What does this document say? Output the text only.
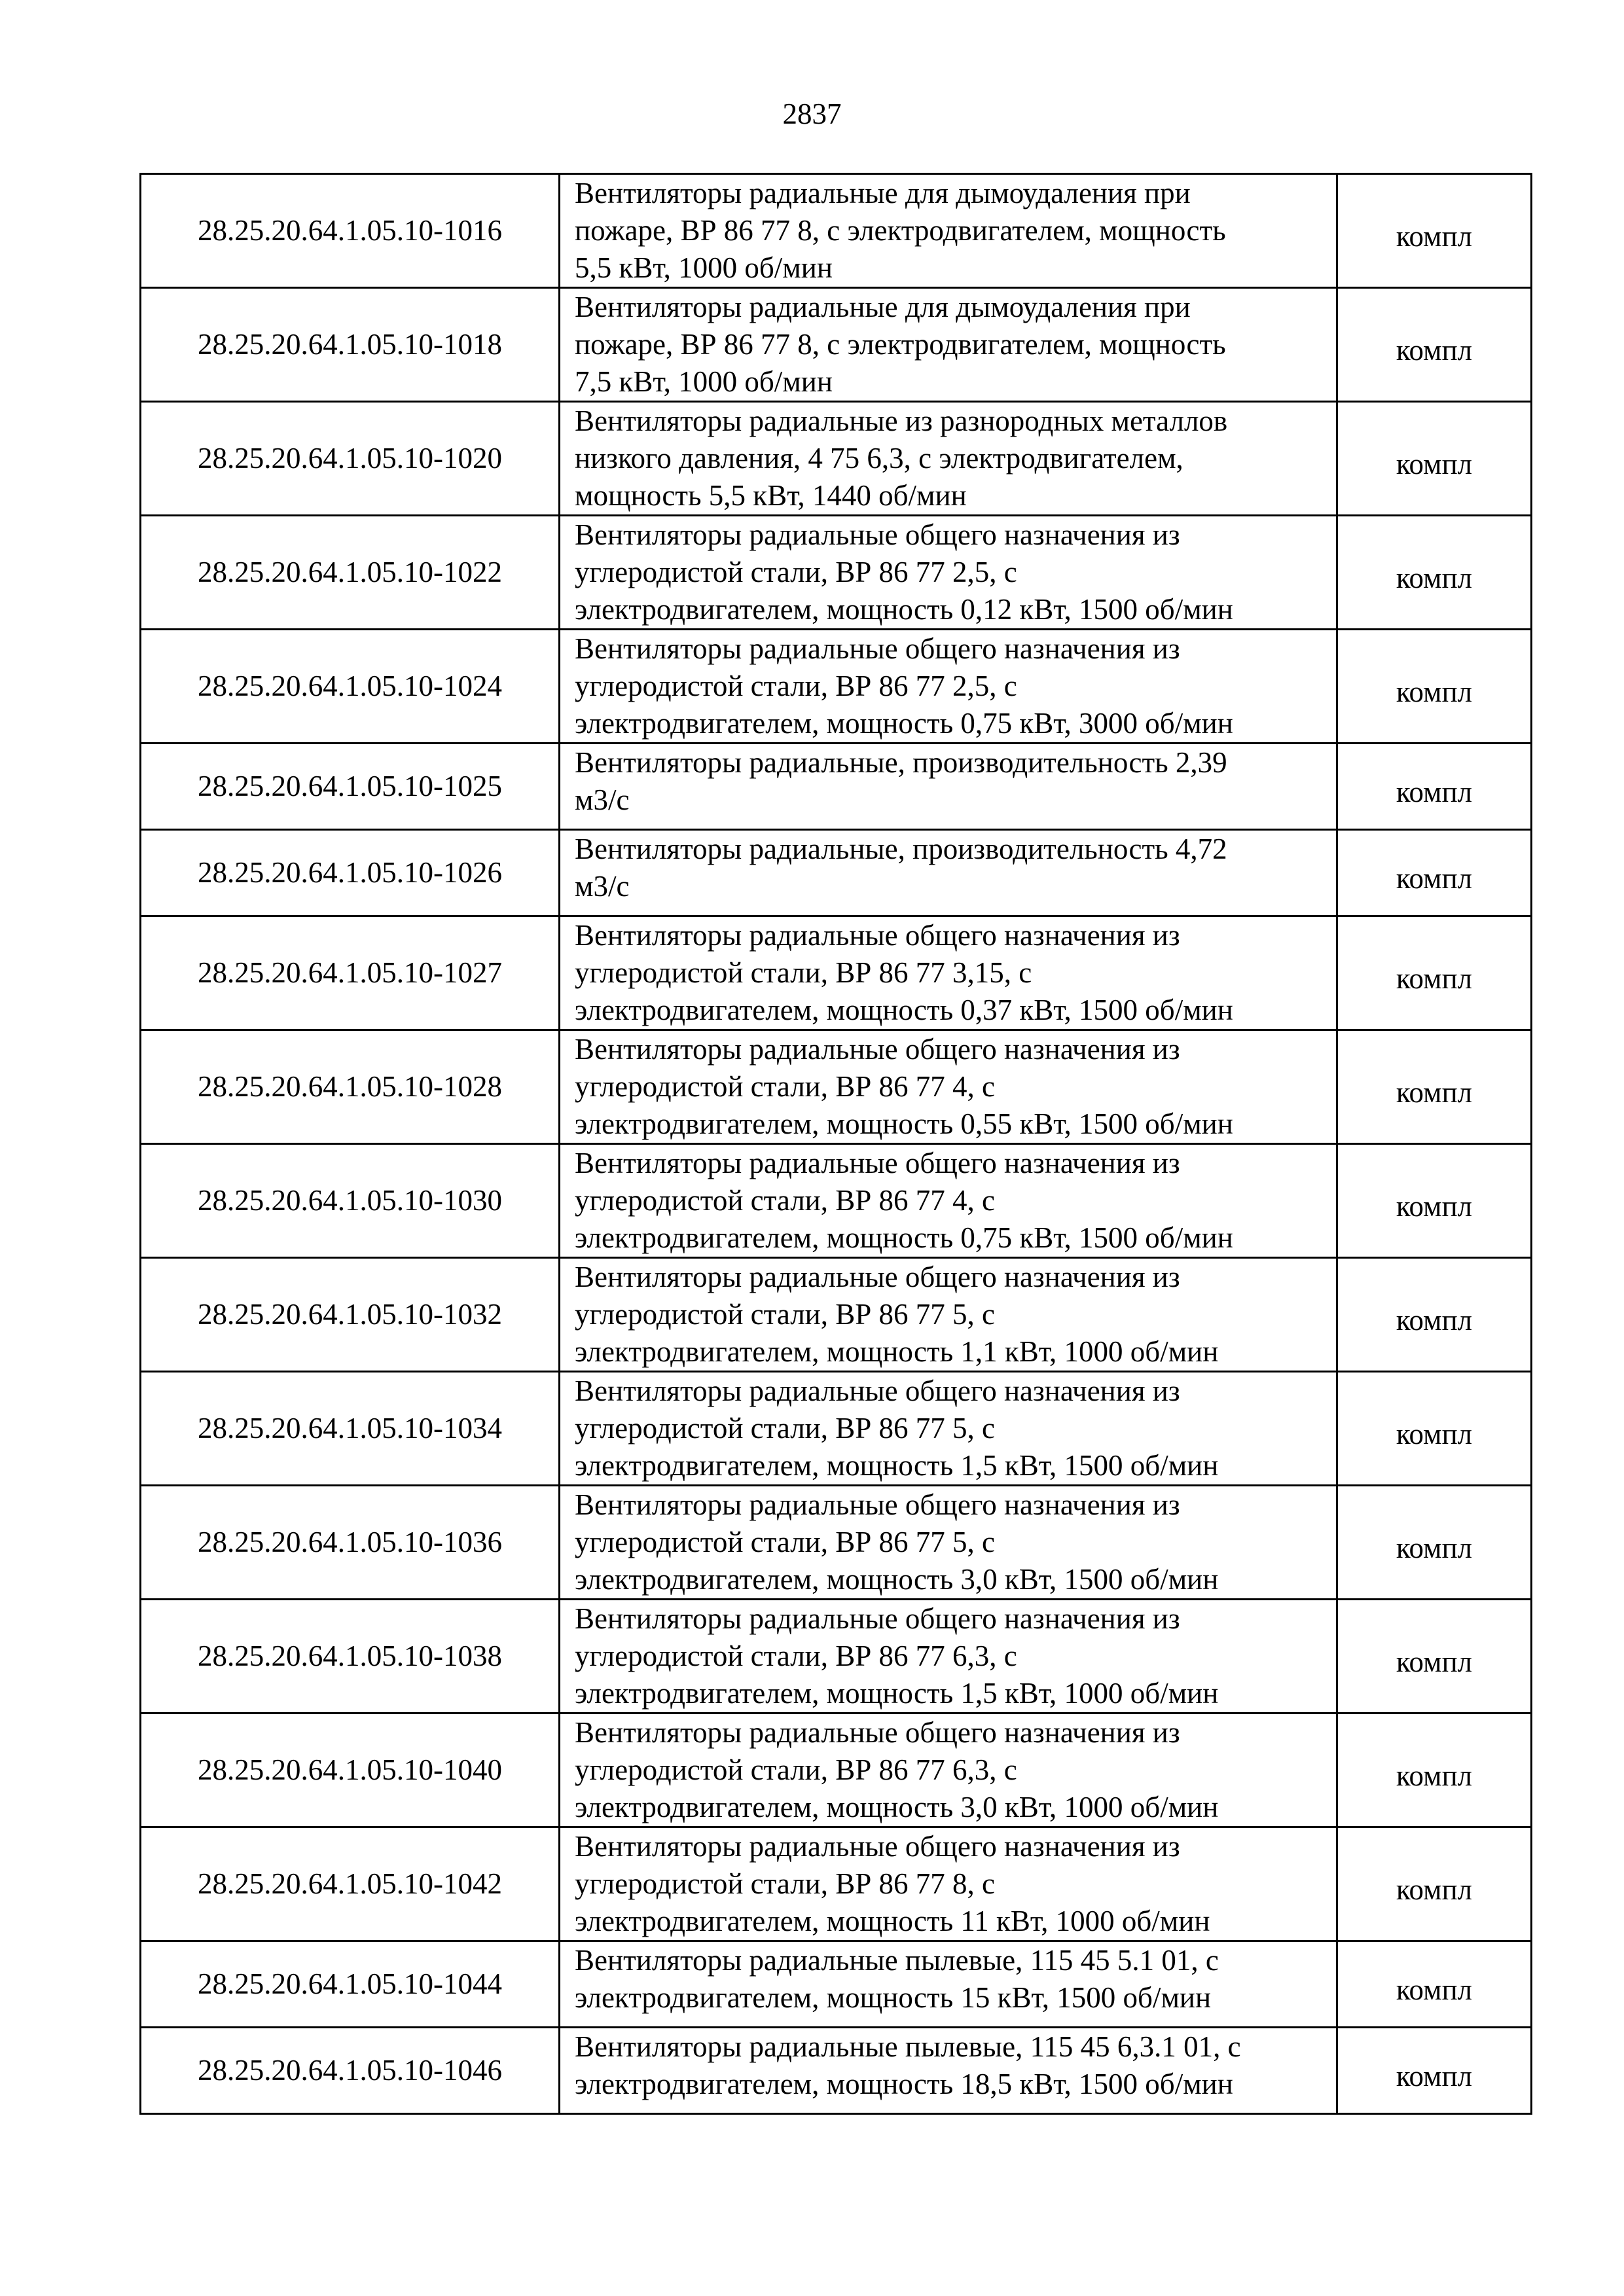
2837
28.25.20.64.1.05.10-1016	Вентиляторы радиальные для дымоудаления при
пожаре, ВР 86 77 8, с электродвигателем, мощность
5,5 кВт, 1000 об/мин	компл
28.25.20.64.1.05.10-1018	Вентиляторы радиальные для дымоудаления при
пожаре, ВР 86 77 8, с электродвигателем, мощность
7,5 кВт, 1000 об/мин	компл
28.25.20.64.1.05.10-1020	Вентиляторы радиальные из разнородных металлов
низкого давления, 4 75 6,3, с электродвигателем,
мощность 5,5 кВт, 1440 об/мин	компл
28.25.20.64.1.05.10-1022	Вентиляторы радиальные общего назначения из
углеродистой стали, ВР 86 77 2,5, с
электродвигателем, мощность 0,12 кВт, 1500 об/мин	компл
28.25.20.64.1.05.10-1024	Вентиляторы радиальные общего назначения из
углеродистой стали, ВР 86 77 2,5, с
электродвигателем, мощность 0,75 кВт, 3000 об/мин	компл
28.25.20.64.1.05.10-1025	Вентиляторы радиальные, производительность 2,39
м3/с	компл
28.25.20.64.1.05.10-1026	Вентиляторы радиальные, производительность 4,72
м3/с	компл
28.25.20.64.1.05.10-1027	Вентиляторы радиальные общего назначения из
углеродистой стали, ВР 86 77 3,15, с
электродвигателем, мощность 0,37 кВт, 1500 об/мин	компл
28.25.20.64.1.05.10-1028	Вентиляторы радиальные общего назначения из
углеродистой стали, ВР 86 77 4, с
электродвигателем, мощность 0,55 кВт, 1500 об/мин	компл
28.25.20.64.1.05.10-1030	Вентиляторы радиальные общего назначения из
углеродистой стали, ВР 86 77 4, с
электродвигателем, мощность 0,75 кВт, 1500 об/мин	компл
28.25.20.64.1.05.10-1032	Вентиляторы радиальные общего назначения из
углеродистой стали, ВР 86 77 5, с
электродвигателем, мощность 1,1 кВт, 1000 об/мин	компл
28.25.20.64.1.05.10-1034	Вентиляторы радиальные общего назначения из
углеродистой стали, ВР 86 77 5, с
электродвигателем, мощность 1,5 кВт, 1500 об/мин	компл
28.25.20.64.1.05.10-1036	Вентиляторы радиальные общего назначения из
углеродистой стали, ВР 86 77 5, с
электродвигателем, мощность 3,0 кВт, 1500 об/мин	компл
28.25.20.64.1.05.10-1038	Вентиляторы радиальные общего назначения из
углеродистой стали, ВР 86 77 6,3, с
электродвигателем, мощность 1,5 кВт, 1000 об/мин	компл
28.25.20.64.1.05.10-1040	Вентиляторы радиальные общего назначения из
углеродистой стали, ВР 86 77 6,3, с
электродвигателем, мощность 3,0 кВт, 1000 об/мин	компл
28.25.20.64.1.05.10-1042	Вентиляторы радиальные общего назначения из
углеродистой стали, ВР 86 77 8, с
электродвигателем, мощность 11 кВт, 1000 об/мин	компл
28.25.20.64.1.05.10-1044	Вентиляторы радиальные пылевые, 115 45 5.1 01, с
электродвигателем, мощность 15 кВт, 1500 об/мин	компл
28.25.20.64.1.05.10-1046	Вентиляторы радиальные пылевые, 115 45 6,3.1 01, с
электродвигателем, мощность 18,5 кВт, 1500 об/мин	компл
